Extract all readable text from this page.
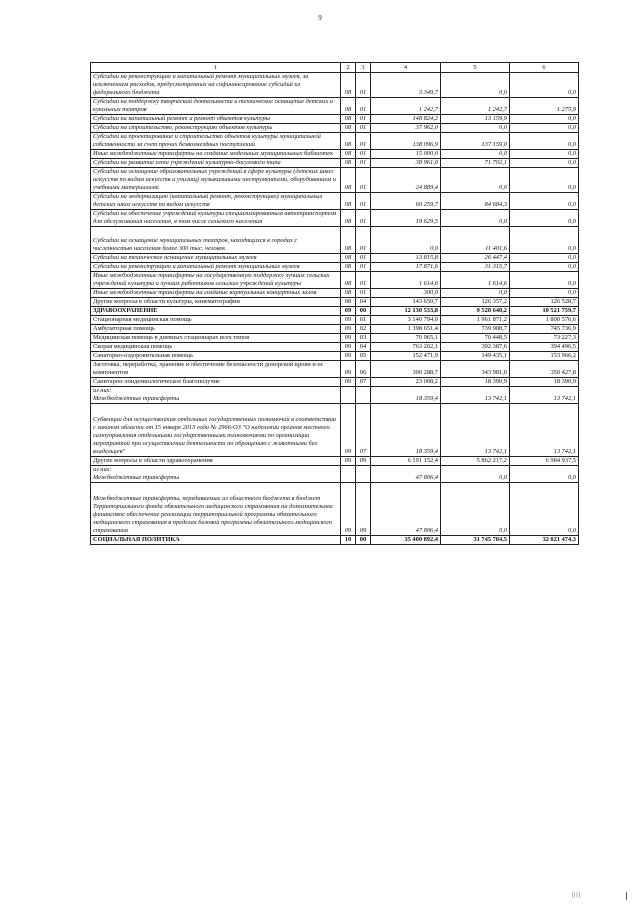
9
1	2	3	4	5	6
Субсидии на реконструкцию и капитальный ремонт муниципальных музеев, за исключением расходов, предусмотренных на софинансирование субсидий из федерального бюджета	08	01	3 349,7	0,0	0,0
Субсидии на поддержку творческой деятельности и техническое оснащение детских и кукольных театров	08	01	1 242,7	1 242,7	1 275,9
Субсидии на капитальный ремонт и ремонт объектов культуры	08	01	148 824,2	13 159,9	0,0
Субсидии на строительство, реконструкцию объектов культуры	08	01	37 962,0	0,0	0,0
Субсидии на проектирование и строительство объектов культуры муниципальной собственности за счет прочих безвозмездных поступлений	08	01	138 096,9	137 159,0	0,0
Иные межбюджетные трансферты на создание модельных муниципальных библиотек	08	01	15 000,0	0,0	0,0
Субсидии на развитие сети учреждений культурно-досугового типа	08	01	38 961,0	71 702,1	0,0
Субсидии на оснащение образовательных учреждений в сфере культуры (детских школ искусств по видам искусств и училищ) музыкальными инструментами, оборудованием и учебными материалами	08	01	24 889,4	0,0	0,0
Субсидии на модернизацию (капитальный ремонт, реконструкцию) муниципальных детских школ искусств по видам искусств	08	01	60 259,7	84 684,3	0,0
Субсидии на обеспечение учреждений культуры специализированным автотранспортом для обслуживания населения, в том числе сельского населения	08	01	19 629,5	0,0	0,0
Субсидии на оснащение муниципальных театров, находящихся в городах с численностью населения более 300 тыс. человек	08	01	0,0	11 401,6	0,0
Субсидии на техническое оснащение муниципальных музеев	08	01	13 815,8	26 447,4	0,0
Субсидии на реконструкцию и капитальный ремонт муниципальных музеев	08	01	17 871,6	31 315,7	0,0
Иные межбюджетные трансферты на государственную поддержку лучших сельских учреждений культуры и лучших работников сельских учреждений культуры	08	01	1 614,6	1 614,6	0,0
Иные межбюджетные трансферты на создание виртуальных концертных залов	08	01	300,0	0,0	0,0
Другие вопросы в области культуры, кинематографии	08	04	143 650,7	126 357,2	126 528,7
ЗДРАВООХРАНЕНИЕ	09	00	12 130 533,8	9 528 640,2	10 521 759,7
Стационарная медицинская помощь	09	01	3 140 794,0	1 961 871,2	1 800 576,6
Амбулаторная помощь	09	02	1 398 651,4	739 908,7	745 736,9
Медицинская помощь в дневных стационарах всех типов	09	03	70 965,1	70 448,5	73 227,3
Скорая медицинская помощь	09	04	763 202,1	392 387,6	394 496,5
Санаторно-оздоровительная помощь	09	05	152 471,9	149 435,1	153 966,2
Заготовка, переработка, хранение и обеспечение безопасности донорской крови и ее компонентов	09	06	390 288,7	343 981,0	350 427,8
Санитарно-эпидемиологическое благополучие	09	07	23 008,2	18 390,9	18 390,9
из них:
Межбюджетные трансферты			18 359,4	13 742,1	13 742,1
Субвенции для осуществления отдельных государственных полномочий в соответствии с законом области от 15 января 2013 года № 2966-ОЗ "О наделении органов местного самоуправления отдельными государственными полномочиями по организации мероприятий при осуществлении деятельности по обращению с животными без владельцев"	09	07	18 359,4	13 742,1	13 742,1
Другие вопросы в области здравоохранения	09	09	6 191 152,4	5 862 217,2	6 984 937,5
из них:
Межбюджетные трансферты			47 806,4	0,0	0,0
Межбюджетные трансферты, передаваемые из областного бюджета в бюджет Территориального фонда обязательного медицинского страхования на дополнительное финансовое обеспечение реализации территориальной программы обязательного медицинского страхования в пределах базовой программы обязательного медицинского страхования	09	09	47 806,4	0,0	0,0
СОЦИАЛЬНАЯ ПОЛИТИКА	10	00	35 400 892,4	31 745 784,5	32 021 474,3
||||
